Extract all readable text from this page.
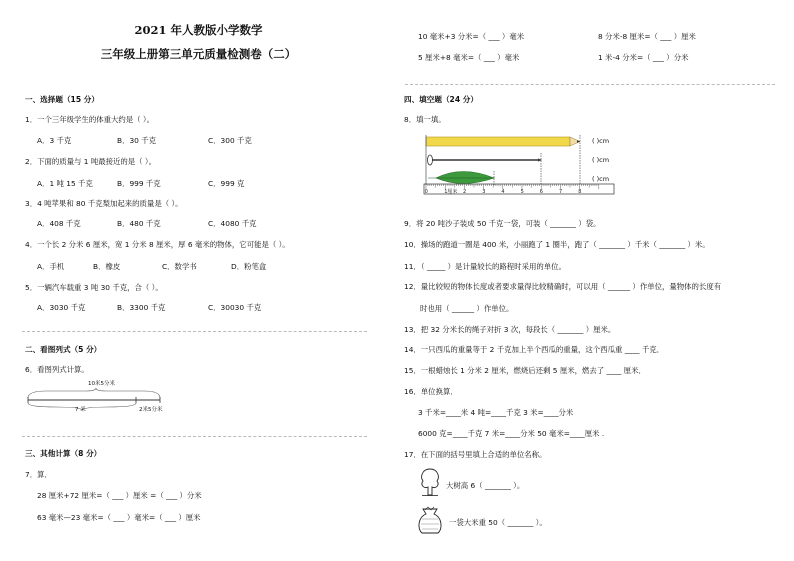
2021 年人教版小学数学
三年级上册第三单元质量检测卷（二）
一、选择题（15 分）
1．一个三年级学生的体重大约是（ ）。
A．3 千克	B．30 千克	C．300 千克
2．下面的质量与 1 吨最接近的是（ ）。
A．1 吨 15 千克	B．999 千克	C．999 克
3．4 吨苹果和 80 千克梨加起来的质量是（ ）。
A．408 千克	B．480 千克	C．4080 千克
4．一个长 2 分米 6 厘米，宽 1 分米 8 厘米，厚 6 毫米的物体，它可能是（ ）。
A．手机	B．橡皮	C．数学书	D．粉笔盒
5．一辆汽车载重 3 吨 30 千克，合（ ）。
A．3030 千克	B．3300 千克	C．30030 千克
二、看图列式（5 分）
6．看图列式计算。
10米5分米
7 米	2米5分米
三、其他计算（8 分）
7．算．
28 厘米+72 厘米=（ ___ ）厘米 =（ ___ ）分米
63 毫米—23 毫米=（ ___ ）毫米=（ ___ ）厘米
10 毫米+3 分米=（ ___ ）毫米	8 分米-8 厘米=（ ___ ）厘米
5 厘米+8 毫米=（ ___ ）毫米	1 米-4 分米=（ ___ ）分米
四、填空题（24 分）
8．填一填。
0	1厘米 2	3	4	5	6	7	8
( )cm
( )cm
( )cm
9．将 20 吨沙子装成 50 千克一袋，可装（ _______ ）袋。
10．操场的跑道一圈是 400 米，小丽跑了 1 圈半，跑了（ _______ ）千米（ _______ ）米。
11．（ _____ ）是计量较长的路程时采用的单位。
12．量比较短的物体长度或者要求量得比较精确时，可以用（ ______ ）作单位，量物体的长度有
时也用（ ______ ）作单位。
13．把 32 分米长的绳子对折 3 次，每段长（ _______ ）厘米。
14．一只西瓜的重量等于 2 千克加上半个西瓜的重量，这个西瓜重 ____ 千克．
15．一根蜡烛长 1 分米 2 厘米，燃烧后还剩 5 厘米，燃去了 ____ 厘米．
16．单位换算．
3 千米=____米 4 吨=____千克 3 米=____分米
6000 克=____千克 7 米=____分米 50 毫米=____厘米 .
17．在下面的括号里填上合适的单位名称。
大树高 6（ _______ ）。
一袋大米重 50（ _______ ）。
